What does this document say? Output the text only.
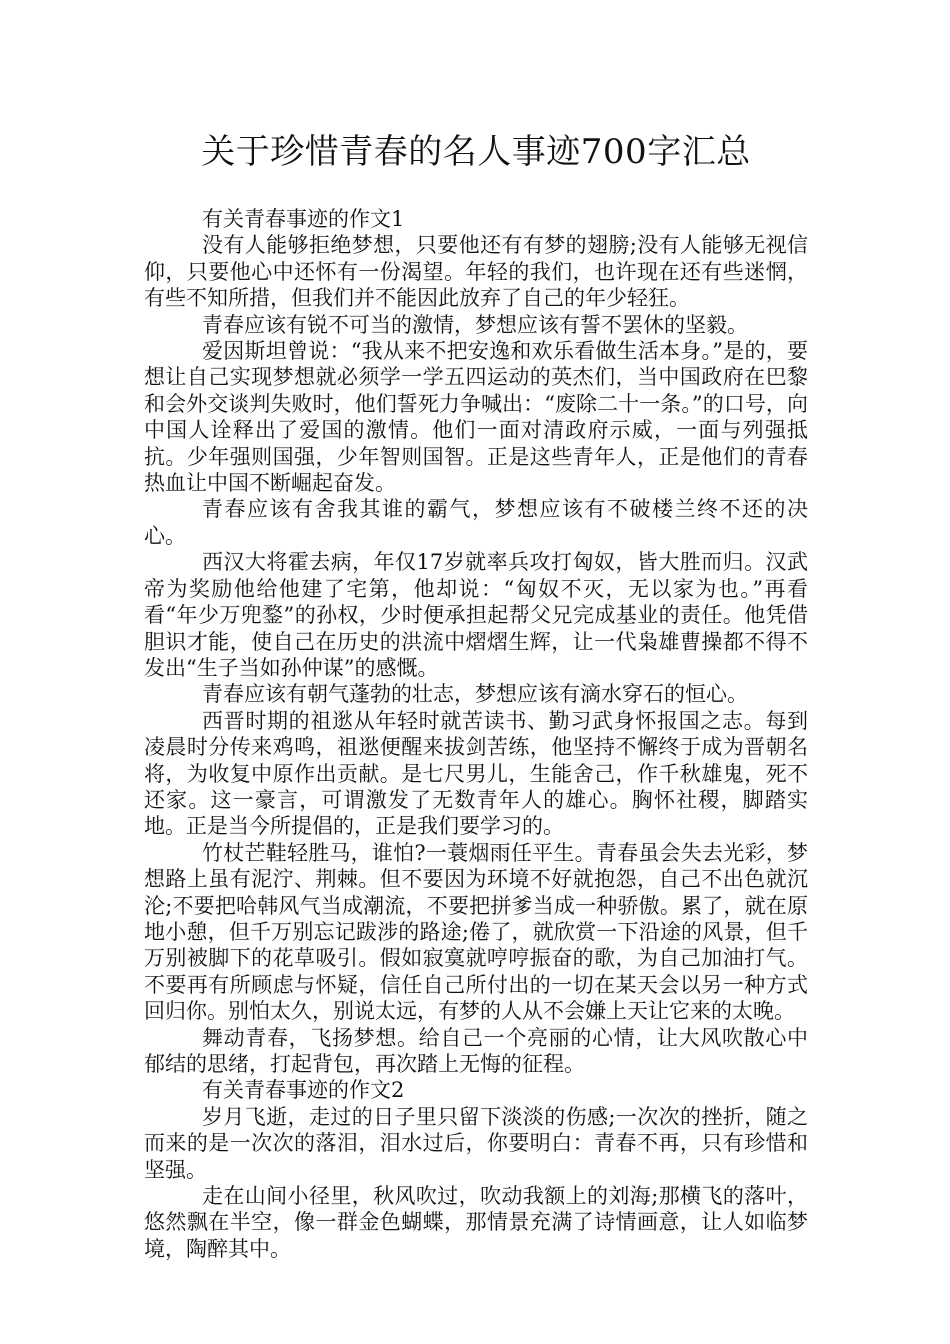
关于珍惜青春的名人事迹700字汇总

有关青春事迹的作文1

没有人能够拒绝梦想，只要他还有有梦的翅膀;没有人能够无视信仰，只要他心中还怀有一份渴望。年轻的我们，也许现在还有些迷惘，有些不知所措，但我们并不能因此放弃了自己的年少轻狂。

青春应该有锐不可当的激情，梦想应该有誓不罢休的坚毅。

爱因斯坦曾说：“我从来不把安逸和欢乐看做生活本身。”是的，要想让自己实现梦想就必须学一学五四运动的英杰们，当中国政府在巴黎和会外交谈判失败时，他们誓死力争喊出：“废除二十一条。”的口号，向中国人诠释出了爱国的激情。他们一面对清政府示威，一面与列强抵抗。少年强则国强，少年智则国智。正是这些青年人，正是他们的青春热血让中国不断崛起奋发。

青春应该有舍我其谁的霸气，梦想应该有不破楼兰终不还的决心。

西汉大将霍去病，年仅17岁就率兵攻打匈奴，皆大胜而归。汉武帝为奖励他给他建了宅第，他却说：“匈奴不灭，无以家为也。”再看看“年少万兜鍪”的孙权，少时便承担起帮父兄完成基业的责任。他凭借胆识才能，使自己在历史的洪流中熠熠生辉，让一代枭雄曹操都不得不发出“生子当如孙仲谋”的感慨。

青春应该有朝气蓬勃的壮志，梦想应该有滴水穿石的恒心。

西晋时期的祖逖从年轻时就苦读书、勤习武身怀报国之志。每到凌晨时分传来鸡鸣，祖逖便醒来拔剑苦练，他坚持不懈终于成为晋朝名将，为收复中原作出贡献。是七尺男儿，生能舍己，作千秋雄鬼，死不还家。这一豪言，可谓激发了无数青年人的雄心。胸怀社稷，脚踏实地。正是当今所提倡的，正是我们要学习的。

竹杖芒鞋轻胜马，谁怕?一蓑烟雨任平生。青春虽会失去光彩，梦想路上虽有泥泞、荆棘。但不要因为环境不好就抱怨，自己不出色就沉沦;不要把哈韩风气当成潮流，不要把拼爹当成一种骄傲。累了，就在原地小憩，但千万别忘记跋涉的路途;倦了，就欣赏一下沿途的风景，但千万别被脚下的花草吸引。假如寂寞就哼哼振奋的歌，为自己加油打气。不要再有所顾虑与怀疑，信任自己所付出的一切在某天会以另一种方式回归你。别怕太久，别说太远，有梦的人从不会嫌上天让它来的太晚。

舞动青春，飞扬梦想。给自己一个亮丽的心情，让大风吹散心中郁结的思绪，打起背包，再次踏上无悔的征程。

有关青春事迹的作文2

岁月飞逝，走过的日子里只留下淡淡的伤感;一次次的挫折，随之而来的是一次次的落泪，泪水过后，你要明白：青春不再，只有珍惜和坚强。

走在山间小径里，秋风吹过，吹动我额上的刘海;那横飞的落叶，悠然飘在半空，像一群金色蝴蝶，那情景充满了诗情画意，让人如临梦境，陶醉其中。
